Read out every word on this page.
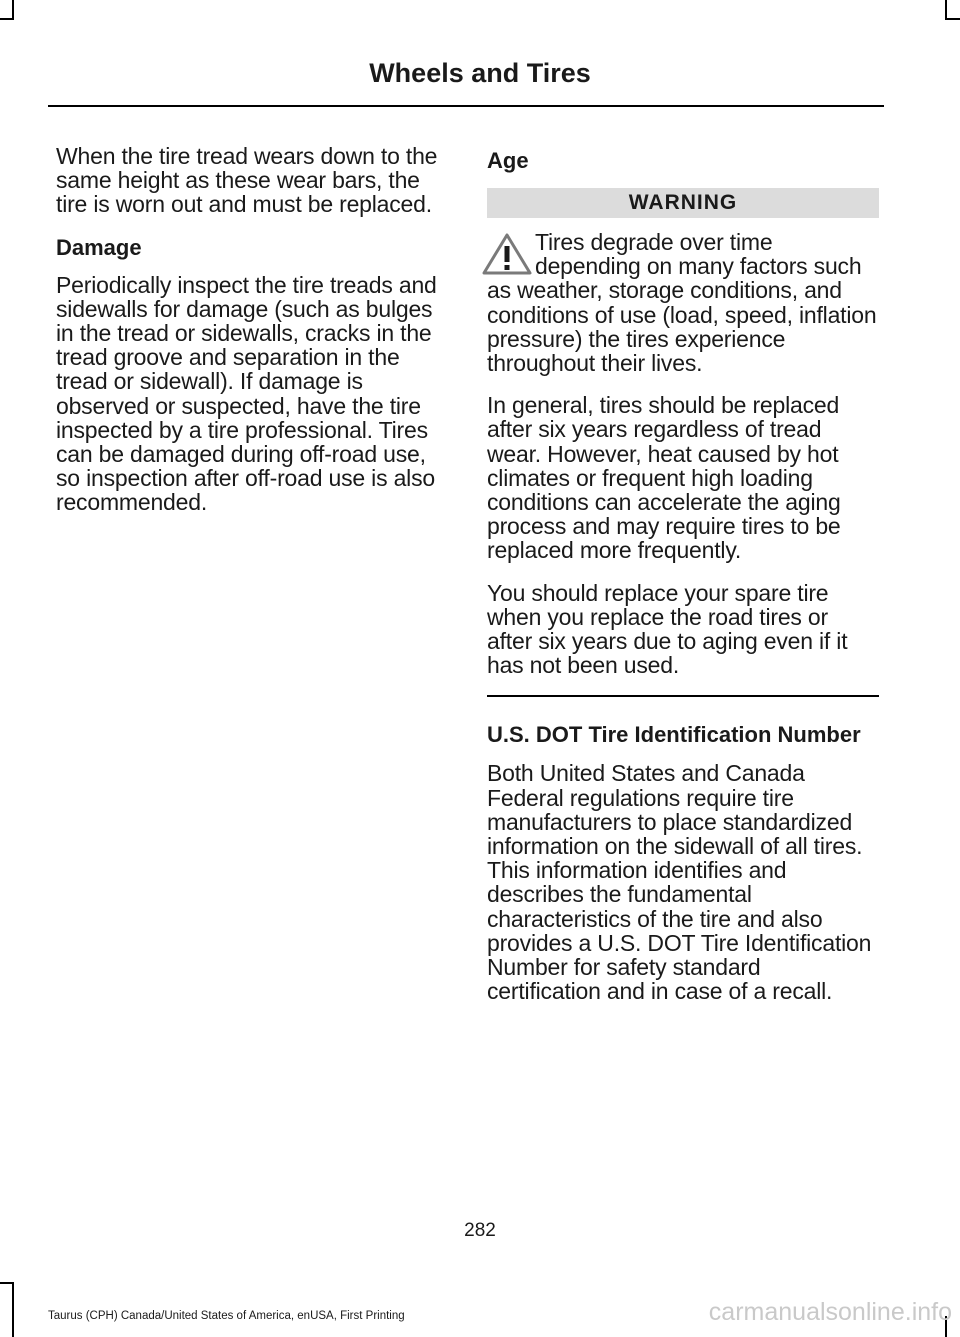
Wheels and Tires

When the tire tread wears down to the same height as these wear bars, the tire is worn out and must be replaced.

Damage

Periodically inspect the tire treads and sidewalls for damage (such as bulges in the tread or sidewalls, cracks in the tread groove and separation in the tread or sidewall). If damage is observed or suspected, have the tire inspected by a tire professional. Tires can be damaged during off-road use, so inspection after off-road use is also recommended.

Age
WARNING

Tires degrade over time depending on many factors such as weather, storage conditions, and conditions of use (load, speed, inflation pressure) the tires experience throughout their lives.

In general, tires should be replaced after six years regardless of tread wear. However, heat caused by hot climates or frequent high loading conditions can accelerate the aging process and may require tires to be replaced more frequently.

You should replace your spare tire when you replace the road tires or after six years due to aging even if it has not been used.

U.S. DOT Tire Identification Number

Both United States and Canada Federal regulations require tire manufacturers to place standardized information on the sidewall of all tires. This information identifies and describes the fundamental characteristics of the tire and also provides a U.S. DOT Tire Identification Number for safety standard certification and in case of a recall.

282
Taurus (CPH) Canada/United States of America, enUSA, First Printing	carmanualsonline.info
